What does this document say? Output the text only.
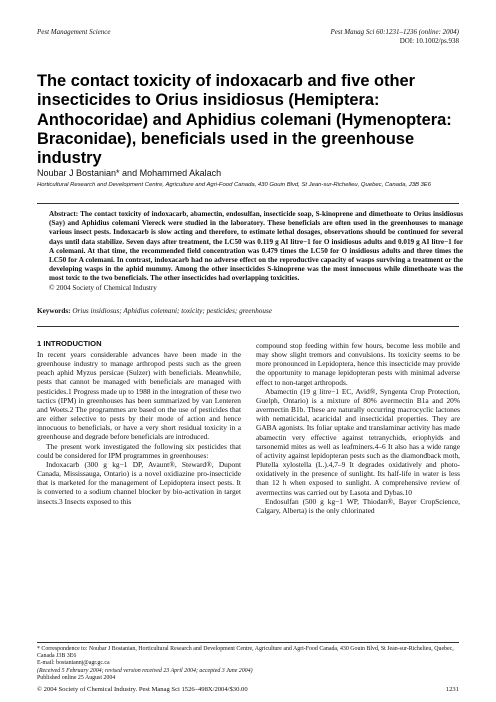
Pest Management Science	Pest Manag Sci 60:1231–1236 (online: 2004)
DOI: 10.1002/ps.938
The contact toxicity of indoxacarb and five other insecticides to Orius insidiosus (Hemiptera: Anthocoridae) and Aphidius colemani (Hymenoptera: Braconidae), beneficials used in the greenhouse industry
Noubar J Bostanian* and Mohammed Akalach
Horticultural Research and Development Centre, Agriculture and Agri-Food Canada, 430 Gouin Blvd, St Jean-sur-Richelieu, Quebec, Canada, J3B 3E6

Abstract: The contact toxicity of indoxacarb, abamectin, endosulfan, insecticide soap, S-kinoprene and dimethoate to Orius insidiosus (Say) and Aphidius colemani Viereck were studied in the laboratory. These beneficials are often used in the greenhouses to manage various insect pests. Indoxacarb is slow acting and therefore, to estimate lethal dosages, observations should be continued for several days until data stabilize. Seven days after treatment, the LC50 was 0.119 g AI litre−1 for O insidiosus adults and 0.019 g AI litre−1 for A colemani. At that time, the recommended field concentration was 0.479 times the LC50 for O insidiosus adults and three times the LC50 for A colemani. In contrast, indoxacarb had no adverse effect on the reproductive capacity of wasps surviving a treatment or the developing wasps in the aphid mummy. Among the other insecticides S-kinoprene was the most innocuous while dimethoate was the most toxic to the two beneficials. The other insecticides had overlapping toxicities.

© 2004 Society of Chemical Industry

Keywords: Orius insidiosus; Aphidius colemani; toxicity; pesticides; greenhouse
1 INTRODUCTION

In recent years considerable advances have been made in the greenhouse industry to manage arthropod pests such as the green peach aphid Myzus persicae (Sulzer) with beneficials. Meanwhile, pests that cannot be managed with beneficials are managed with pesticides.1 Progress made up to 1988 in the integration of these two tactics (IPM) in greenhouses has been summarized by van Lenteren and Woets.2 The programmes are based on the use of pesticides that are either selective to pests by their mode of action and hence innocuous to beneficials, or have a very short residual toxicity in a greenhouse and degrade before beneficials are introduced.

The present work investigated the following six pesticides that could be considered for IPM programmes in greenhouses:

Indoxacarb (300 g kg−1 DP, Avaunt®, Steward®, Dupont Canada, Mississauga, Ontario) is a novel oxidiazine pro-insecticide that is marketed for the management of Lepidoptera insect pests. It is converted to a sodium channel blocker by bio-activation in target insects.3 Insects exposed to this

compound stop feeding within few hours, become less mobile and may show slight tremors and convulsions. Its toxicity seems to be more pronounced in Lepidoptera, hence this insecticide may provide the opportunity to manage lepidopteran pests with minimal adverse effect to non-target arthropods.

Abamectin (19 g litre−1 EC, Avid®, Syngenta Crop Protection, Guelph, Ontario) is a mixture of 80% avermectin B1a and 20% avermectin B1b. These are naturally occurring macrocyclic lactones with nematicidal, acaricidal and insecticidal properties. They are GABA agonists. Its foliar uptake and translaminar activity has made abamectin very effective against tetranychids, eriophyids and tarsonemid mites as well as leafminers.4–6 It also has a wide range of activity against lepidopteran pests such as the diamondback moth, Plutella xylostella (L.).4,7–9 It degrades oxidatively and photo-oxidatively in the presence of sunlight. Its half-life in water is less than 12 h when exposed to sunlight. A comprehensive review of avermectins was carried out by Lasota and Dybas.10

Endosulfan (500 g kg−1 WP, Thiodan®, Bayer CropScience, Calgary, Alberta) is the only chlorinated

* Correspondence to: Noubar J Bostanian, Horticultural Research and Development Centre, Agriculture and Agri-Food Canada, 430 Gouin Blvd, St Jean-sur-Richelieu, Quebec, Canada J3B 3E6
E-mail: bostaniannj@agr.gc.ca
(Received 5 February 2004; revised version received 23 April 2004; accepted 3 June 2004)
Published online 25 August 2004
© 2004 Society of Chemical Industry. Pest Manag Sci 1526–498X/2004/$30.00	1231
